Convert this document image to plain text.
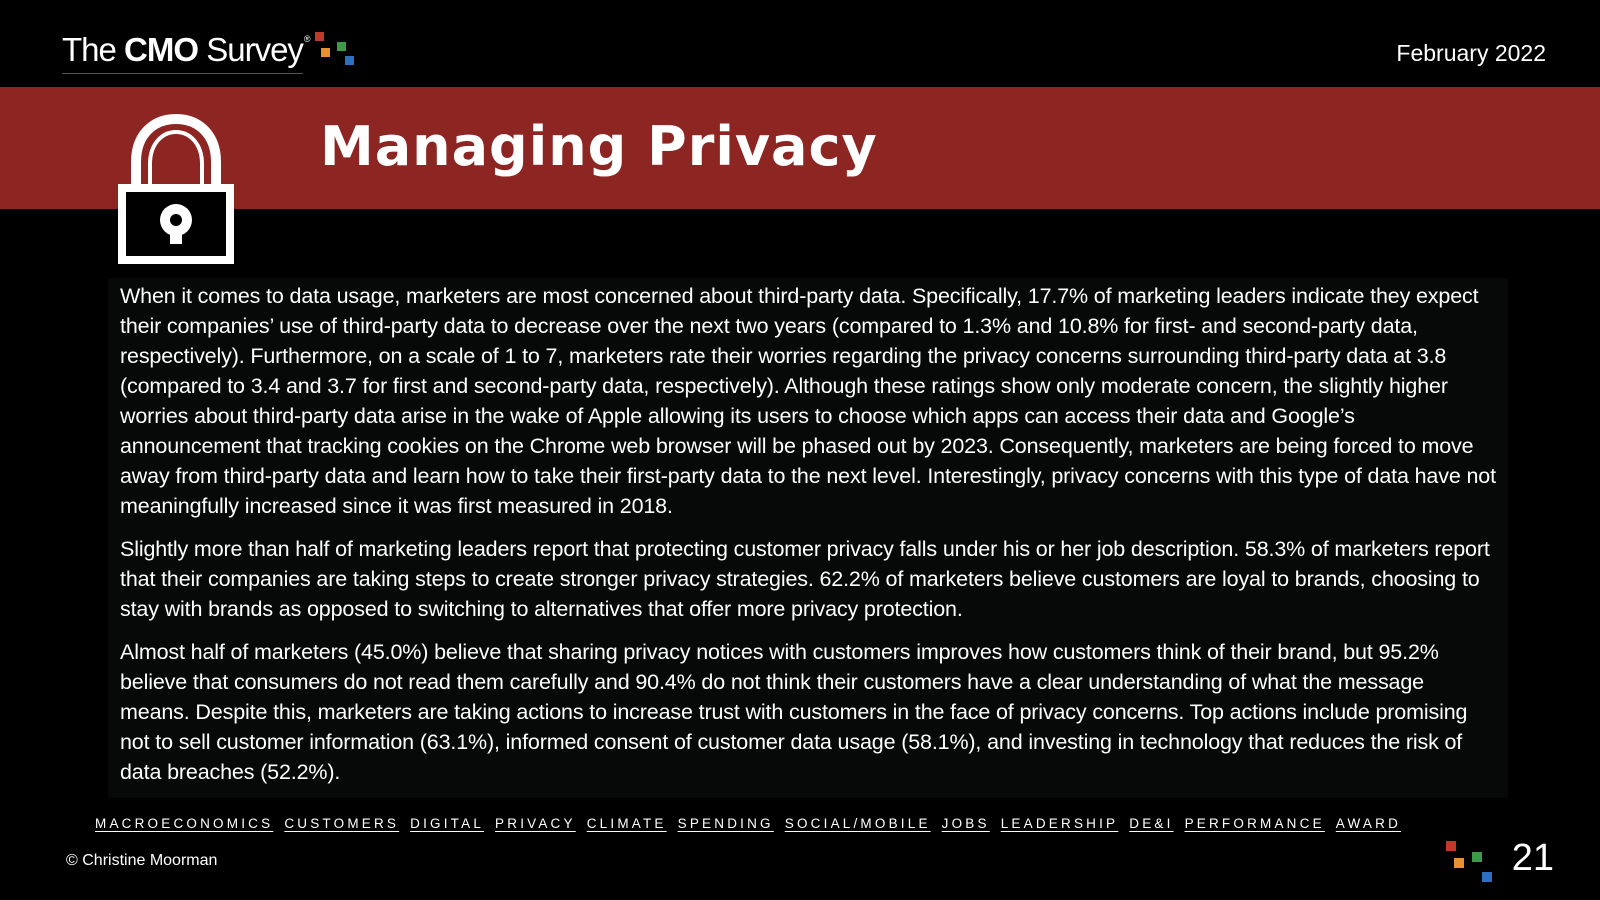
The CMO Survey ®
February 2022
Managing Privacy

When it comes to data usage, marketers are most concerned about third-party data. Specifically, 17.7% of marketing leaders indicate they expect their companies’ use of third-party data to decrease over the next two years (compared to 1.3% and 10.8% for first- and second-party data, respectively). Furthermore, on a scale of 1 to 7, marketers rate their worries regarding the privacy concerns surrounding third-party data at 3.8 (compared to 3.4 and 3.7 for first and second-party data, respectively). Although these ratings show only moderate concern, the slightly higher worries about third-party data arise in the wake of Apple allowing its users to choose which apps can access their data and Google’s announcement that tracking cookies on the Chrome web browser will be phased out by 2023. Consequently, marketers are being forced to move away from third-party data and learn how to take their first-party data to the next level. Interestingly, privacy concerns with this type of data have not meaningfully increased since it was first measured in 2018.

Slightly more than half of marketing leaders report that protecting customer privacy falls under his or her job description. 58.3% of marketers report that their companies are taking steps to create stronger privacy strategies. 62.2% of marketers believe customers are loyal to brands, choosing to stay with brands as opposed to switching to alternatives that offer more privacy protection.

Almost half of marketers (45.0%) believe that sharing privacy notices with customers improves how customers think of their brand, but 95.2% believe that consumers do not read them carefully and 90.4% do not think their customers have a clear understanding of what the message means. Despite this, marketers are taking actions to increase trust with customers in the face of privacy concerns. Top actions include promising not to sell customer information (63.1%), informed consent of customer data usage (58.1%), and investing in technology that reduces the risk of data breaches (52.2%).

MACROECONOMICS CUSTOMERS DIGITAL PRIVACY CLIMATE SPENDING SOCIAL/MOBILE JOBS LEADERSHIP DE&I PERFORMANCE AWARD
© Christine Moorman	21
